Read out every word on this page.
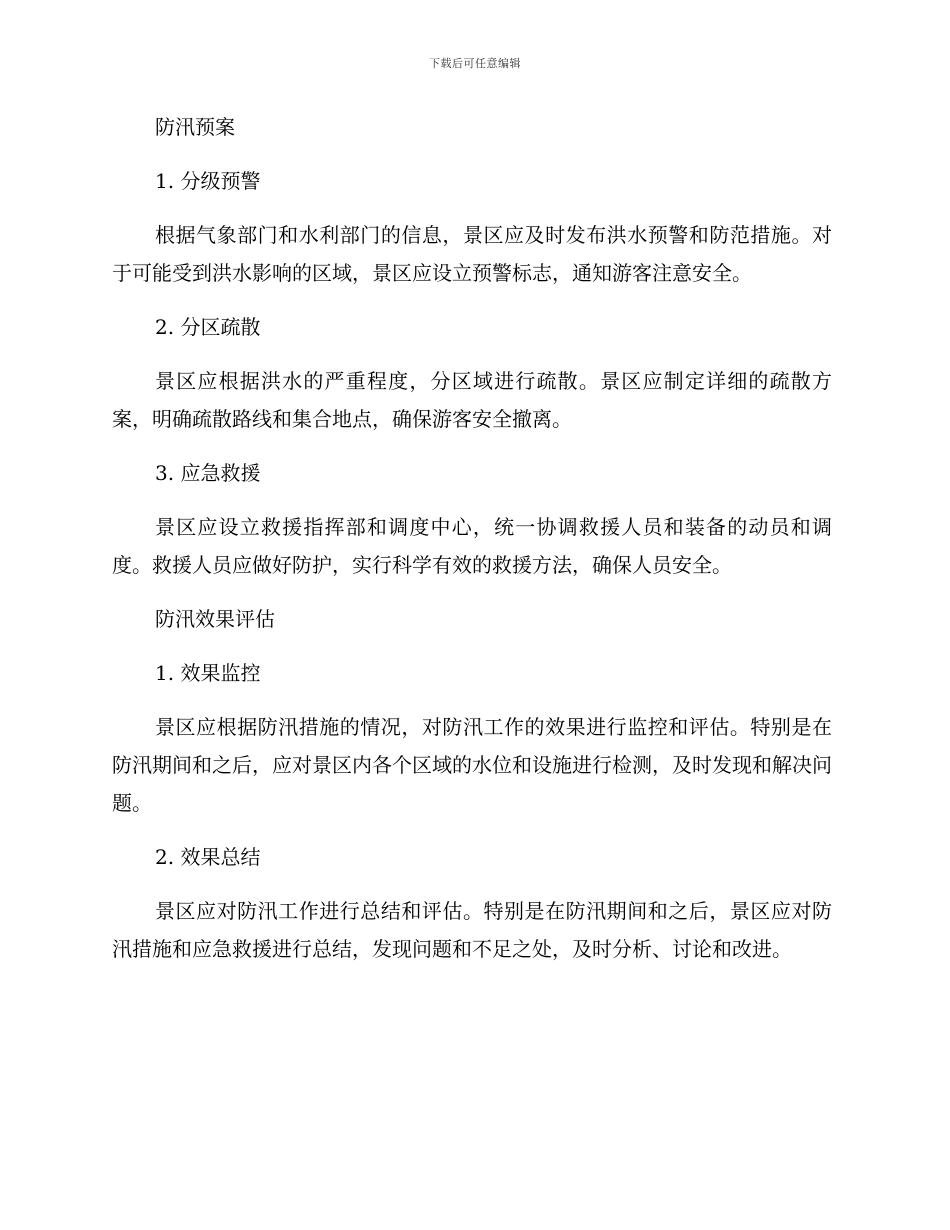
下载后可任意编辑

防汛预案

1. 分级预警

根据气象部门和水利部门的信息，景区应及时发布洪水预警和防范措施。对于可能受到洪水影响的区域，景区应设立预警标志，通知游客注意安全。

2. 分区疏散

景区应根据洪水的严重程度，分区域进行疏散。景区应制定详细的疏散方案，明确疏散路线和集合地点，确保游客安全撤离。

3. 应急救援

景区应设立救援指挥部和调度中心，统一协调救援人员和装备的动员和调度。救援人员应做好防护，实行科学有效的救援方法，确保人员安全。

防汛效果评估

1. 效果监控

景区应根据防汛措施的情况，对防汛工作的效果进行监控和评估。特别是在防汛期间和之后，应对景区内各个区域的水位和设施进行检测，及时发现和解决问题。

2. 效果总结

景区应对防汛工作进行总结和评估。特别是在防汛期间和之后，景区应对防汛措施和应急救援进行总结，发现问题和不足之处，及时分析、讨论和改进。
